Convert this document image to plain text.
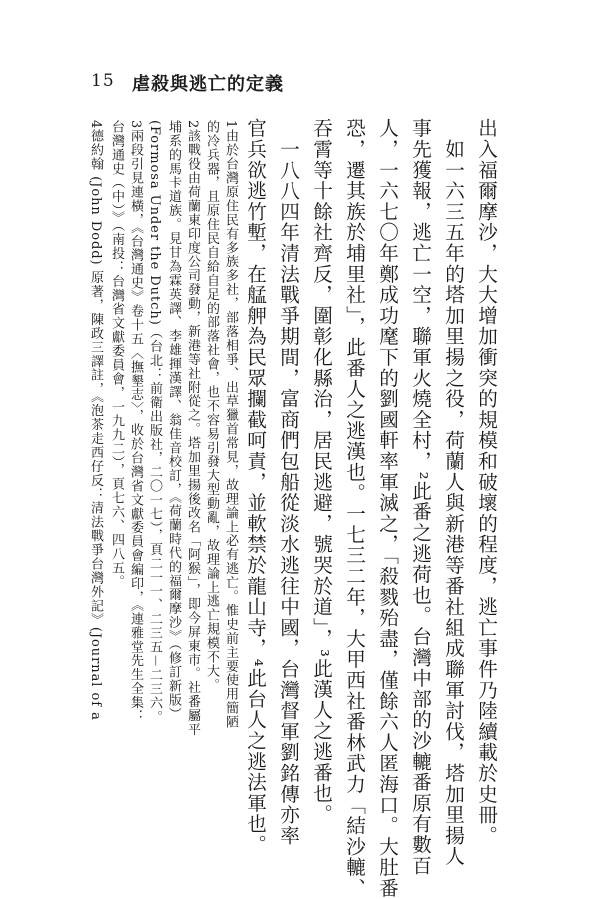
15 虐殺與逃亡的定義
出入福爾摩沙，大大增加衝突的規模和破壞的程度，逃亡事件乃陸續載於史冊。
　如一六三五年的塔加里揚之役，荷蘭人與新港等番社組成聯軍討伐，塔加里揚人
事先獲報，逃亡一空，聯軍火燒全村，²此番之逃荷也。台灣中部的沙轆番原有數百
人，一六七〇年鄭成功麾下的劉國軒率軍滅之，「殺戮殆盡，僅餘六人匿海口。大肚番
恐，遷其族於埔里社」，此番人之逃漢也。一七三二年，大甲西社番林武力「結沙轆、
吞霄等十餘社齊反，圍彰化縣治，居民逃避，號哭於道」，³此漢人之逃番也。
　一八八四年清法戰爭期間，富商們包船從淡水逃往中國，台灣督軍劉銘傳亦率
官兵欲逃竹塹，在艋舺為民眾攔截呵責，並軟禁於龍山寺，⁴此台人之逃法軍也。
1由於台灣原住民有多族多社，部落相爭、出草獵首常見，故理論上必有逃亡。惟史前主要使用簡陋
的冷兵器，且原住民自給自足的部落社會，也不容易引發大型動亂，故理論上逃亡規模不大。
2該戰役由荷蘭東印度公司發動，新港等社附從之。塔加里揚後改名「阿猴」，即今屏東市。社番屬平
埔系的馬卡道族。見甘為霖英譯、李雄揮漢譯、翁佳音校訂，《荷蘭時代的福爾摩沙》（修訂新版）
(Formosa Under the Dutch)（台北：前衛出版社，二〇一七），頁二一一、二三五－二三六。
3兩段引見連橫，《台灣通史》卷十五〈撫墾志〉，收於台灣省文獻委員會編印，《連雅堂先生全集：
台灣通史（中）》（南投：台灣省文獻委員會，一九九二），頁七六、四八五。
4德約翰 (John Dodd) 原著，陳政三譯註，《泡茶走西仔反：清法戰爭台灣外記》(Journal of a
